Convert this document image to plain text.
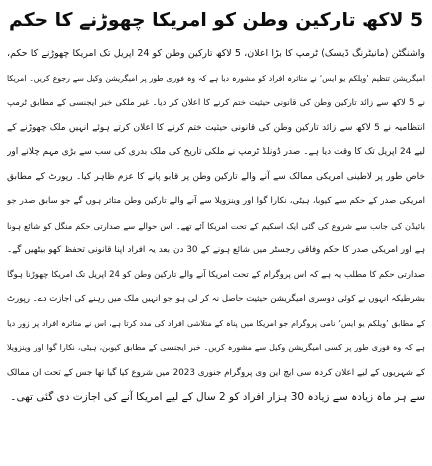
5 لاکھ تارکین وطن کو امریکا چھوڑنے کا حکم
واشنگٹن (مانیٹرنگ ڈیسک) ٹرمپ کا بڑا اعلان، 5 لاکھ تارکین وطن کو 24 اپریل تک امریکا چھوڑنے کا حکم،
امیگریشن تنظیم ’ویلکم یو ایس‘ نے متاثرہ افراد کو مشورہ دیا ہے کہ وہ فوری طور پر امیگریشن وکیل سے رجوع کریں۔ امریکا
نے 5 لاکھ سے زائد تارکین وطن کی قانونی حیثیت ختم کرنے کا اعلان کر دیا۔ غیر ملکی خبر ایجنسی کے مطابق ٹرمپ
انتظامیہ نے 5 لاکھ سے زائد تارکین وطن کی قانونی حیثیت ختم کرنے کا اعلان کرتے ہوئے انہیں ملک چھوڑنے کے
لیے 24 اپریل تک کا وقت دیا ہے۔ صدر ڈونلڈ ٹرمپ نے ملکی تاریخ کی ملک بدری کی سب سے بڑی مہم چلانے اور
خاص طور پر لاطینی امریکی ممالک سے آنے والے تارکین وطن پر قابو پانے کا عزم ظاہر کیا۔ رپورٹ کے مطابق
امریکی صدر کے حکم سے کیوبا، ہیٹی، نکارا گوا اور وینزویلا سے آنے والے تارکین وطن متاثر ہوں گے جو سابق صدر جو
بائیڈن کی جانب سے شروع کی گئی ایک اسکیم کے تحت امریکا آئے تھے۔ اس حوالے سے صدارتی حکم منگل کو شائع ہونا
ہے اور امریکی صدر کا حکم وفاقی رجسٹر میں شائع ہونے کے 30 دن بعد یہ افراد اپنا قانونی تحفظ کھو بیٹھیں گے۔
صدارتی حکم کا مطلب یہ ہے کہ اس پروگرام کے تحت امریکا آنے والے تارکین وطن کو 24 اپریل تک امریکا چھوڑنا ہوگا
بشرطیکہ انہوں نے کوئی دوسری امیگریشن حیثیت حاصل نہ کر لی ہو جو انہیں ملک میں رہنے کی اجازت دے۔ رپورٹ
کے مطابق ’ویلکم یو ایس‘ نامی پروگرام جو امریکا میں پناہ کے متلاشی افراد کی مدد کرتا ہے، اس نے متاثرہ افراد پر زور دیا
ہے کہ وہ فوری طور پر کسی امیگریشن وکیل سے مشورہ کریں۔ خبر ایجنسی کے مطابق کیوبن، ہیٹی، نکارا گوا اور وینزویلا
کے شہریوں کے لیے اعلان کردہ سی ایچ این وی پروگرام جنوری 2023 میں شروع کیا گیا تھا جس کے تحت ان ممالک
سے ہر ماہ زیادہ سے زیادہ 30 ہزار افراد کو 2 سال کے لیے امریکا آنے کی اجازت دی گئی تھی۔
